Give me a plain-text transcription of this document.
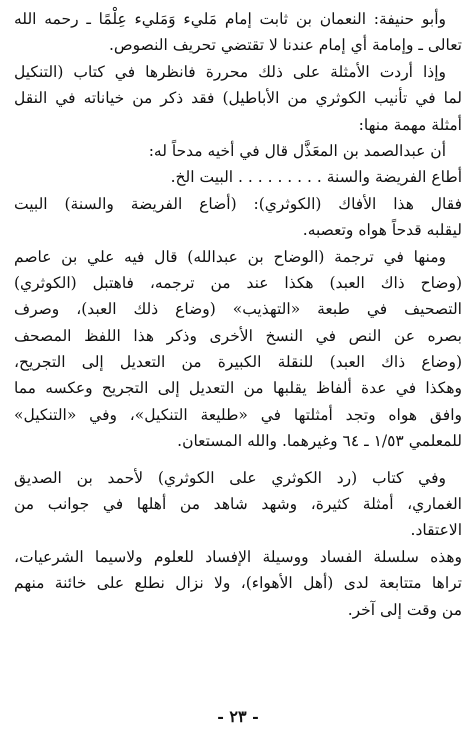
وأبو حنيفة: النعمان بن ثابت إمام مَليء وَمَليء عِلْمًا ـ رحمه الله
تعالى ـ وإمامة أي إمام عندنا لا تقتضي تحريف النصوص.
وإذا أردت الأمثلة على ذلك محررة فانظرها في كتاب (التنكيل
لما في تأنيب الكوثري من الأباطيل) فقد ذكر من خياناته في النقل
أمثلة مهمة منها:
أن عبدالصمد بن المعَذَّل قال في أخيه مدحاً له:
أطاع الفريضة والسنة . . . . . . . . . البيت الخ.
فقال هذا الأفاك (الكوثري): (أضاع الفريضة والسنة) البيت
ليقلبه قدحاً هواه وتعصبه.
ومنها في ترجمة (الوضاح بن عبدالله) قال فيه علي بن عاصم
(وضاح ذاك العبد) هكذا عند من ترجمه، فاهتبل (الكوثري)
التصحيف في طبعة «التهذيب» (وضاع ذلك العبد)، وصرف
بصره عن النص في النسخ الأخرى وذكر هذا اللفظ المصحف
(وضاع ذاك العبد) للنقلة الكبيرة من التعديل إلى التجريح،
وهكذا في عدة ألفاظ يقلبها من التعديل إلى التجريح وعكسه مما
وافق هواه وتجد أمثلتها في «طليعة التنكيل»، وفي «التنكيل»
للمعلمي ١/٥٣ ـ ٦٤ وغيرهما. والله المستعان.
وفي كتاب (رد الكوثري على الكوثري) لأحمد بن الصديق
الغماري، أمثلة كثيرة، وشهد شاهد من أهلها في جوانب من
الاعتقاد.
وهذه سلسلة الفساد ووسيلة الإفساد للعلوم ولاسيما الشرعيات،
تراها متتابعة لدى (أهل الأهواء)، ولا نزال نطلع على خائنة منهم
من وقت إلى آخر.
- ٢٣ -
